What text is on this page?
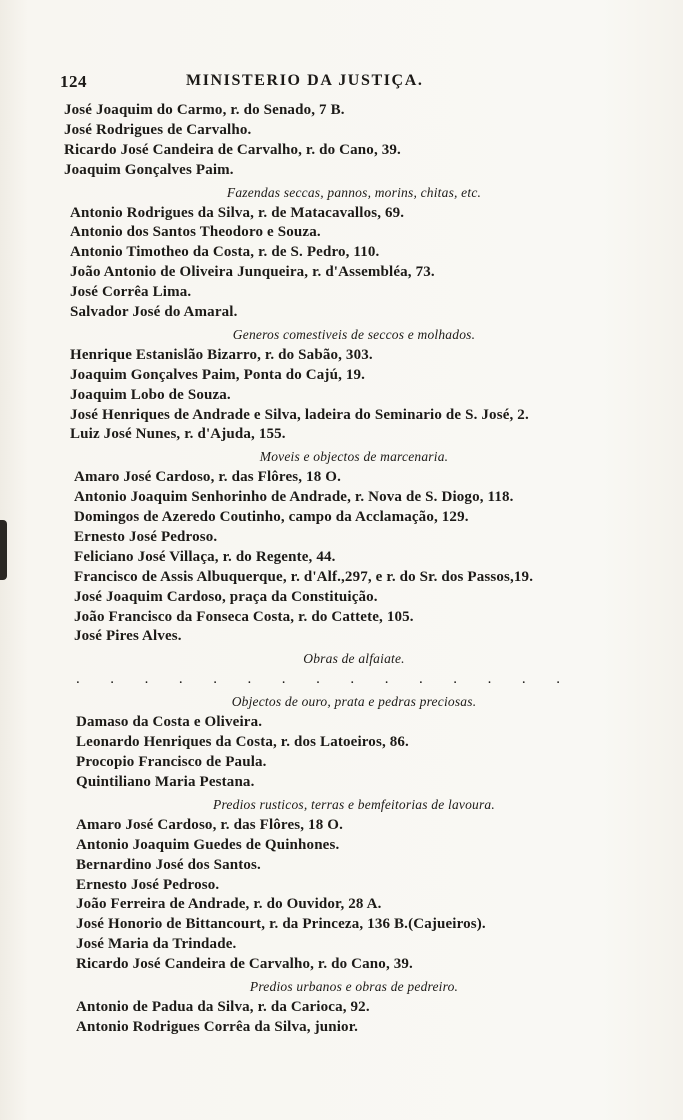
124	MINISTERIO DA JUSTIÇA.
José Joaquim do Carmo, r. do Senado, 7 B.
José Rodrigues de Carvalho.
Ricardo José Candeira de Carvalho, r. do Cano, 39.
Joaquim Gonçalves Paim.
Fazendas seccas, pannos, morins, chitas, etc.
Antonio Rodrigues da Silva, r. de Matacavallos, 69.
Antonio dos Santos Theodoro e Souza.
Antonio Timotheo da Costa, r. de S. Pedro, 110.
João Antonio de Oliveira Junqueira, r. d'Assembléa, 73.
José Corrêa Lima.
Salvador José do Amaral.
Generos comestiveis de seccos e molhados.
Henrique Estanislão Bizarro, r. do Sabão, 303.
Joaquim Gonçalves Paim, Ponta do Cajú, 19.
Joaquim Lobo de Souza.
José Henriques de Andrade e Silva, ladeira do Seminario de S. José, 2.
Luiz José Nunes, r. d'Ajuda, 155.
Moveis e objectos de marcenaria.
Amaro José Cardoso, r. das Flôres, 18 O.
Antonio Joaquim Senhorinho de Andrade, r. Nova de S. Diogo, 118.
Domingos de Azeredo Coutinho, campo da Acclamação, 129.
Ernesto José Pedroso.
Feliciano José Villaça, r. do Regente, 44.
Francisco de Assis Albuquerque, r. d'Alf.,297, e r. do Sr. dos Passos,19.
José Joaquim Cardoso, praça da Constituição.
João Francisco da Fonseca Costa, r. do Cattete, 105.
José Pires Alves.
Obras de alfaiate.
. . . . . . . . . . . . . . .
Objectos de ouro, prata e pedras preciosas.
Damaso da Costa e Oliveira.
Leonardo Henriques da Costa, r. dos Latoeiros, 86.
Procopio Francisco de Paula.
Quintiliano Maria Pestana.
Predios rusticos, terras e bemfeitorias de lavoura.
Amaro José Cardoso, r. das Flôres, 18 O.
Antonio Joaquim Guedes de Quinhones.
Bernardino José dos Santos.
Ernesto José Pedroso.
João Ferreira de Andrade, r. do Ouvidor, 28 A.
José Honorio de Bittancourt, r. da Princeza, 136 B.(Cajueiros).
José Maria da Trindade.
Ricardo José Candeira de Carvalho, r. do Cano, 39.
Predios urbanos e obras de pedreiro.
Antonio de Padua da Silva, r. da Carioca, 92.
Antonio Rodrigues Corrêa da Silva, junior.
